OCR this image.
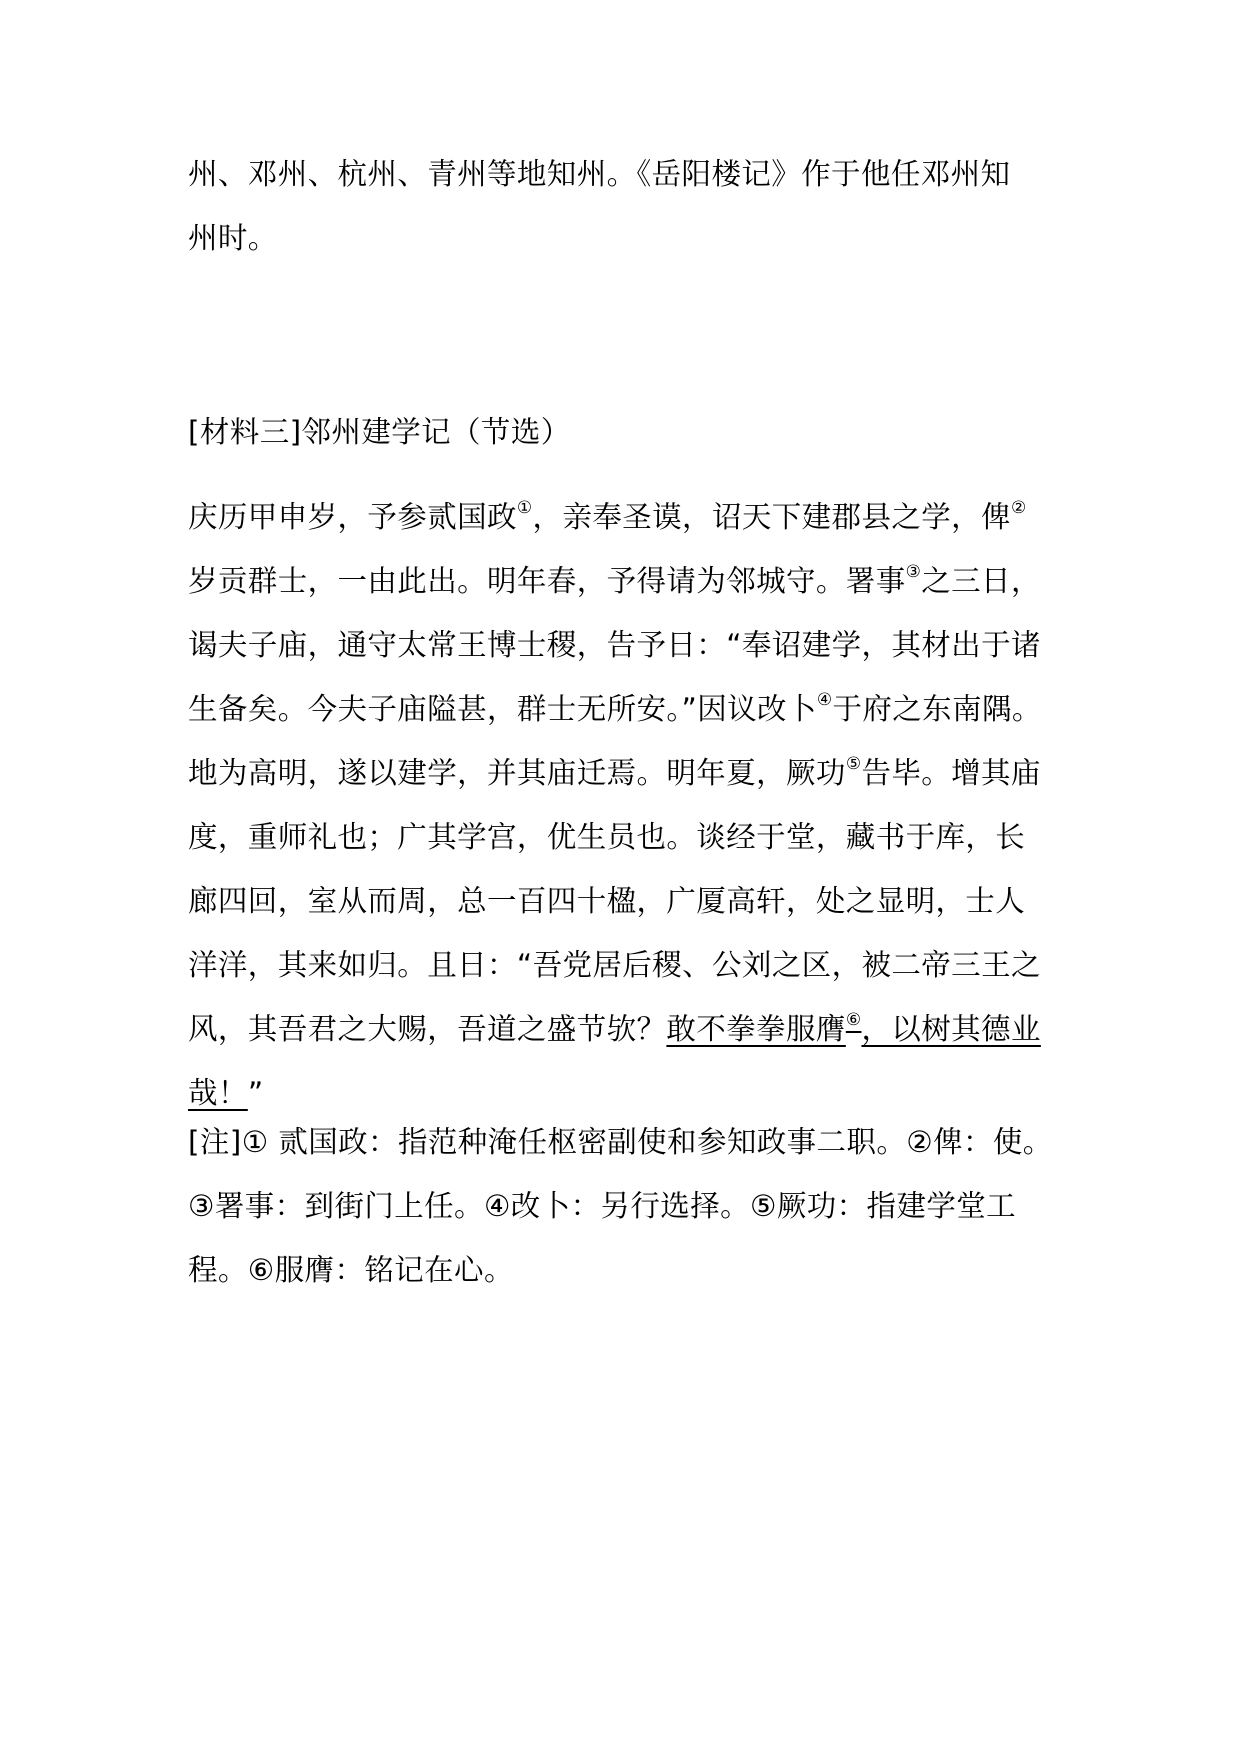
州、邓州、杭州、青州等地知州。《岳阳楼记》作于他任邓州知
州时。
[材料三]邻州建学记（节选）
庆历甲申岁，予参贰国政①，亲奉圣谟，诏天下建郡县之学，俾②
岁贡群士，一由此出。明年春，予得请为邻城守。署事③之三日，
谒夫子庙，通守太常王博士稷，告予日：“奉诏建学，其材出于诸
生备矣。今夫子庙隘甚，群士无所安。”因议改卜④于府之东南隅。
地为高明，遂以建学，并其庙迁焉。明年夏，厥功⑤告毕。增其庙
度，重师礼也；广其学宫，优生员也。谈经于堂，藏书于库，长
廊四回，室从而周，总一百四十楹，广厦高轩，处之显明，士人
洋洋，其来如归。且日：“吾党居后稷、公刘之区，被二帝三王之
风，其吾君之大赐，吾道之盛节欤？敢不拳拳服膺⑥，以树其德业
哉！”
[注]① 贰国政：指范种淹任枢密副使和参知政事二职。②俾：使。
③署事：到街门上任。④改卜：另行选择。⑤厥功：指建学堂工
程。⑥服膺：铭记在心。
